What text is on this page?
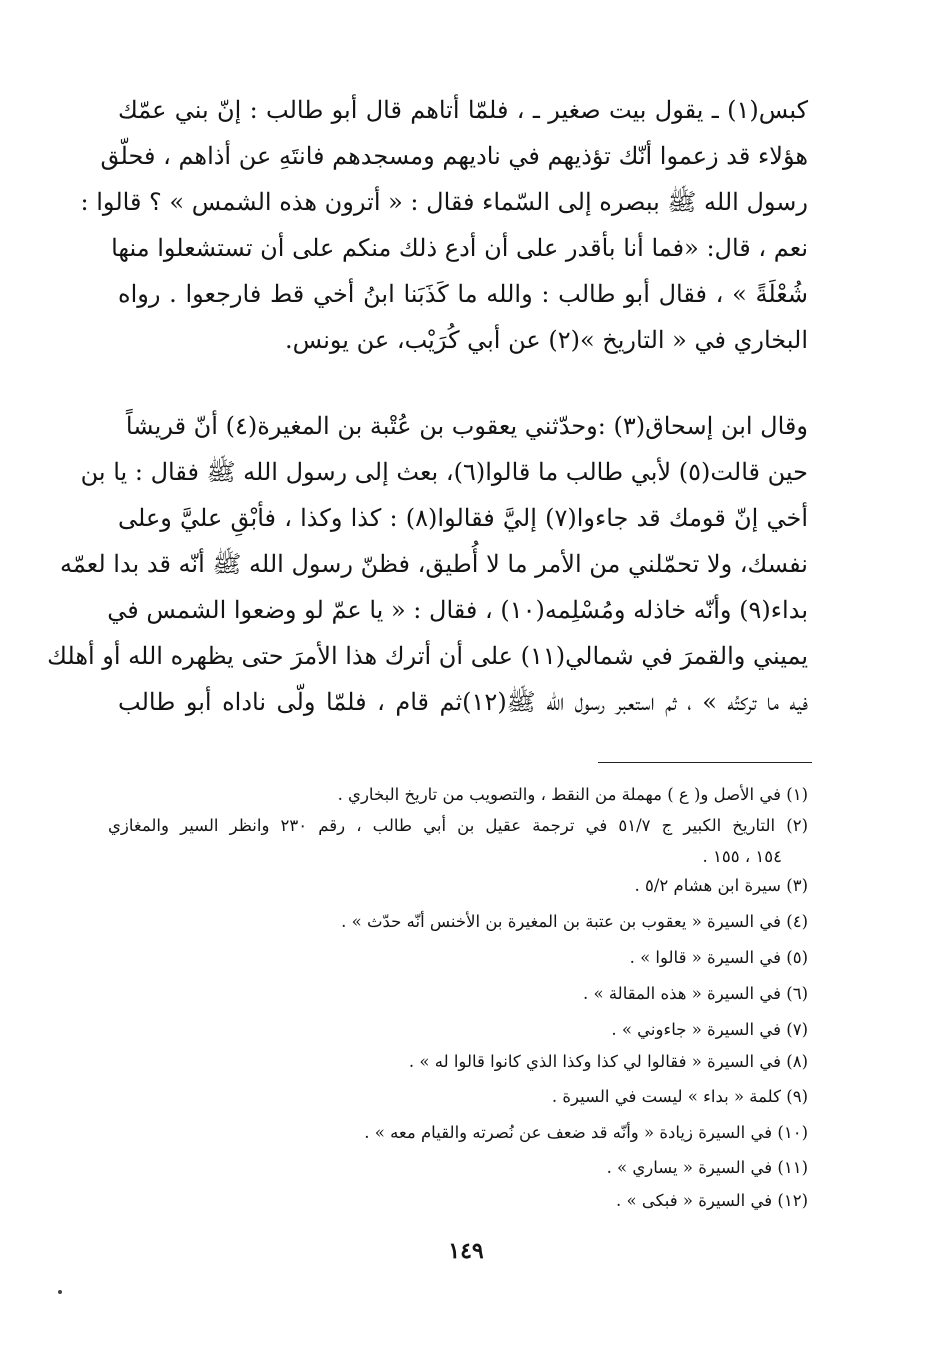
كبس(١) ـ يقول بيت صغير ـ ، فلمّا أتاهم قال أبو طالب : إنّ بني عمّك
هؤلاء قد زعموا أنّك تؤذيهم في ناديهم ومسجدهم فانتَهِ عن أذاهم ، فحلّق
رسول الله ﷺ ببصره إلى السّماء فقال : « أترون هذه الشمس » ؟ قالوا :
نعم ، قال: «فما أنا بأقدر على أن أدع ذلك منكم على أن تستشعلوا منها
شُعْلَةً » ، فقال أبو طالب : والله ما كَذَبَنا ابنُ أخي قط فارجعوا . رواه
البخاري في « التاريخ »(٢) عن أبي كُرَيْب، عن يونس.
وقال ابن إسحاق(٣) :وحدّثني يعقوب بن عُتْبة بن المغيرة(٤) أنّ قريشاً
حين قالت(٥) لأبي طالب ما قالوا(٦)، بعث إلى رسول الله ﷺ فقال : يا بن
أخي إنّ قومك قد جاءوا(٧) إليَّ فقالوا(٨) : كذا وكذا ، فأبْقِ عليَّ وعلى
نفسك، ولا تحمّلني من الأمر ما لا أُطيق، فظنّ رسول الله ﷺ أنّه قد بدا لعمّه
بداء(٩) وأنّه خاذله ومُسْلِمه(١٠) ، فقال : « يا عمّ لو وضعوا الشمس في
يميني والقمرَ في شمالي(١١) على أن أترك هذا الأمرَ حتى يظهره الله أو أهلك
فيه ما تركتُه » ، ثم استعبر رسول الله ﷺ(١٢)ثم قام ، فلمّا ولّى ناداه أبو طالب
(١) في الأصل و( ع ) مهملة من النقط ، والتصويب من تاريخ البخاري .
(٢) التاريخ الكبير ج ٥١/٧ في ترجمة عقيل بن أبي طالب ، رقم ٢٣٠ وانظر السير والمغازي
١٥٤ ، ١٥٥ .
(٣) سيرة ابن هشام ٥/٢ .
(٤) في السيرة « يعقوب بن عتبة بن المغيرة بن الأخنس أنّه حدّث » .
(٥) في السيرة « قالوا » .
(٦) في السيرة « هذه المقالة » .
(٧) في السيرة « جاءوني » .
(٨) في السيرة « فقالوا لي كذا وكذا الذي كانوا قالوا له » .
(٩) كلمة « بداء » ليست في السيرة .
(١٠) في السيرة زيادة « وأنّه قد ضعف عن نُصرته والقيام معه » .
(١١) في السيرة « يساري » .
(١٢) في السيرة « فبكى » .
١٤٩
